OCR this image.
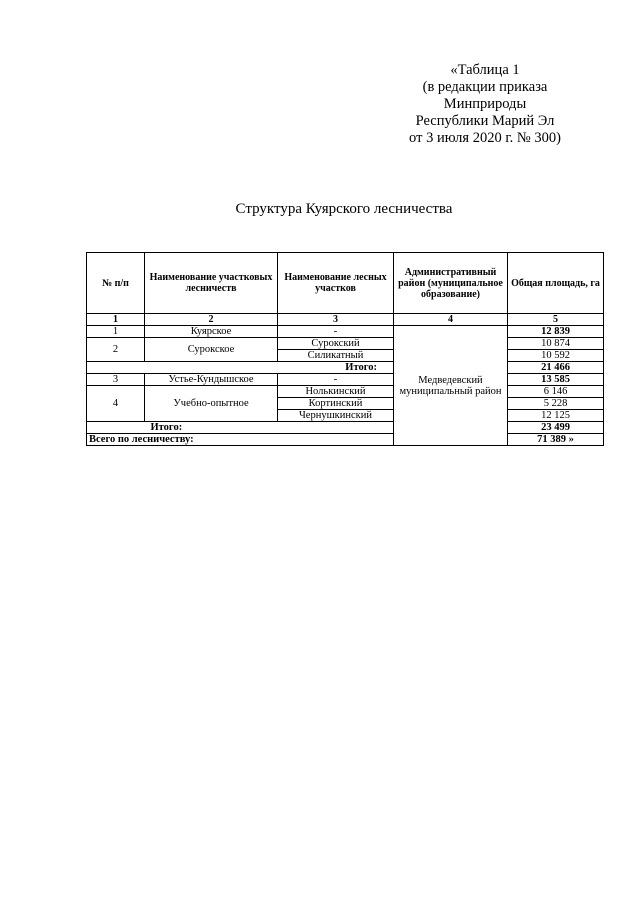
«Таблица 1
(в редакции приказа
Минприроды
Республики Марий Эл
от 3 июля 2020 г. № 300)
Структура Куярского лесничества
№ п/п	Наименование участковых лесничеств	Наименование лесных участков	Административный район (муниципальное образование)	Общая площадь, га
1	2	3	4	5
1	Куярское	-	Медведевский муниципальный район	12 839
2	Сурокское	Сурокский		10 874
		Силикатный		10 592
Итого:				21 466
3	Устье-Кундышское	-		13 585
4	Учебно-опытное	Нолькинский		6 146
		Кортинский		5 228
		Чернушкинский		12 125
	Итого:			23 499
Всего по лесничеству:				71 389 »
